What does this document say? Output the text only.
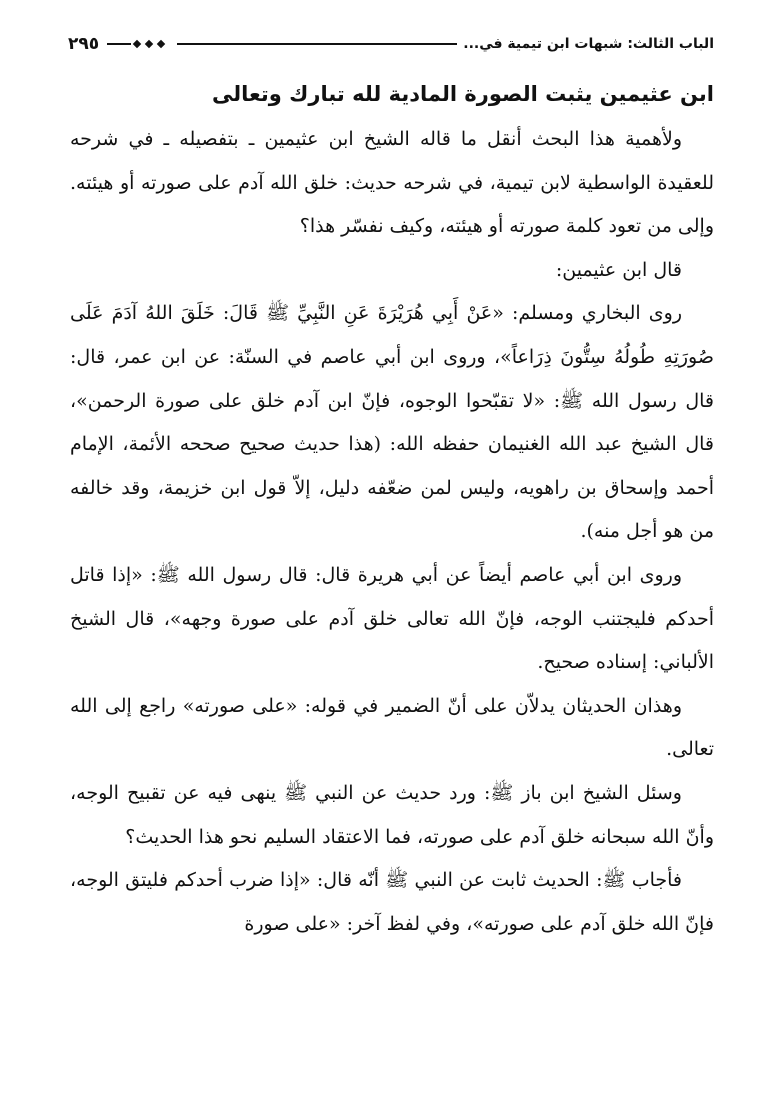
٢٩٥	الباب الثالث: شبهات ابن تيمية في...
ابن عثيمين يثبت الصورة المادية لله تبارك وتعالى

ولأهمية هذا البحث أنقل ما قاله الشيخ ابن عثيمين ـ بتفصيله ـ في شرحه للعقيدة الواسطية لابن تيمية، في شرحه حديث: خلق الله آدم على صورته أو هيئته. وإلى من تعود كلمة صورته أو هيئته، وكيف نفسّر هذا؟

قال ابن عثيمين:

روى البخاري ومسلم: «عَنْ أَبِي هُرَيْرَةَ عَنِ النَّبِيِّ ﷺ قَالَ: خَلَقَ اللهُ آدَمَ عَلَى صُورَتِهِ طُولُهُ سِتُّونَ ذِرَاعاً»، وروى ابن أبي عاصم في السنّة: عن ابن عمر، قال: قال رسول الله ﷺ: «لا تقبّحوا الوجوه، فإنّ ابن آدم خلق على صورة الرحمن»، قال الشيخ عبد الله الغنيمان حفظه الله: (هذا حديث صحيح صححه الأئمة، الإمام أحمد وإسحاق بن راهويه، وليس لمن ضعّفه دليل، إلاّ قول ابن خزيمة، وقد خالفه من هو أجل منه).

وروى ابن أبي عاصم أيضاً عن أبي هريرة قال: قال رسول الله ﷺ: «إذا قاتل أحدكم فليجتنب الوجه، فإنّ الله تعالى خلق آدم على صورة وجهه»، قال الشيخ الألباني: إسناده صحيح.

وهذان الحديثان يدلاّن على أنّ الضمير في قوله: «على صورته» راجع إلى الله تعالى.

وسئل الشيخ ابن باز ﷺ: ورد حديث عن النبي ﷺ ينهى فيه عن تقبيح الوجه، وأنّ الله سبحانه خلق آدم على صورته، فما الاعتقاد السليم نحو هذا الحديث؟

فأجاب ﷺ: الحديث ثابت عن النبي ﷺ أنّه قال: «إذا ضرب أحدكم فليتق الوجه، فإنّ الله خلق آدم على صورته»، وفي لفظ آخر: «على صورة
